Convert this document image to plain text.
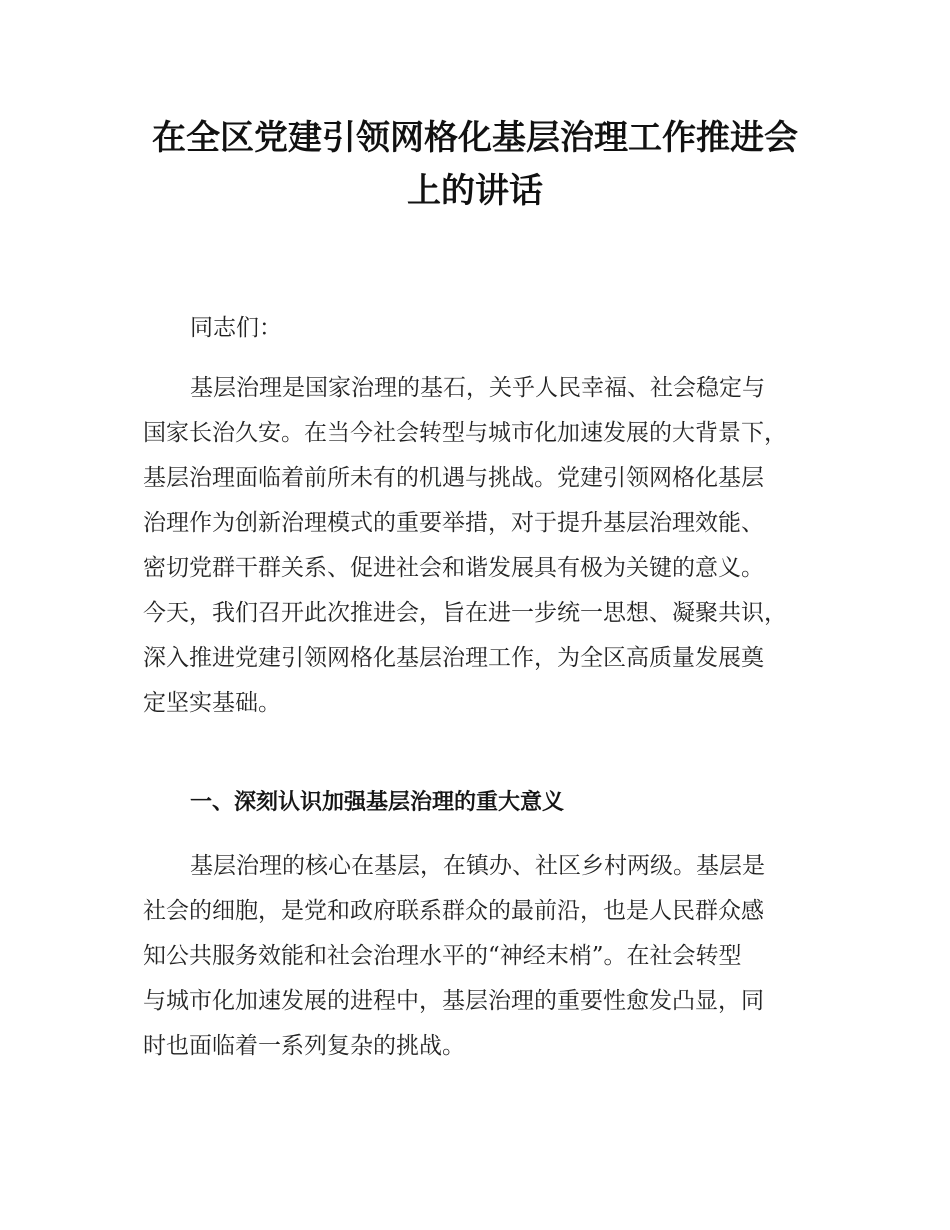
在全区党建引领网格化基层治理工作推进会
上的讲话
同志们：
基层治理是国家治理的基石，关乎人民幸福、社会稳定与
国家长治久安。在当今社会转型与城市化加速发展的大背景下，
基层治理面临着前所未有的机遇与挑战。党建引领网格化基层
治理作为创新治理模式的重要举措，对于提升基层治理效能、
密切党群干群关系、促进社会和谐发展具有极为关键的意义。
今天，我们召开此次推进会，旨在进一步统一思想、凝聚共识，
深入推进党建引领网格化基层治理工作，为全区高质量发展奠
定坚实基础。
一、深刻认识加强基层治理的重大意义
基层治理的核心在基层，在镇办、社区乡村两级。基层是
社会的细胞，是党和政府联系群众的最前沿，也是人民群众感
知公共服务效能和社会治理水平的“神经末梢”。在社会转型
与城市化加速发展的进程中，基层治理的重要性愈发凸显，同
时也面临着一系列复杂的挑战。
